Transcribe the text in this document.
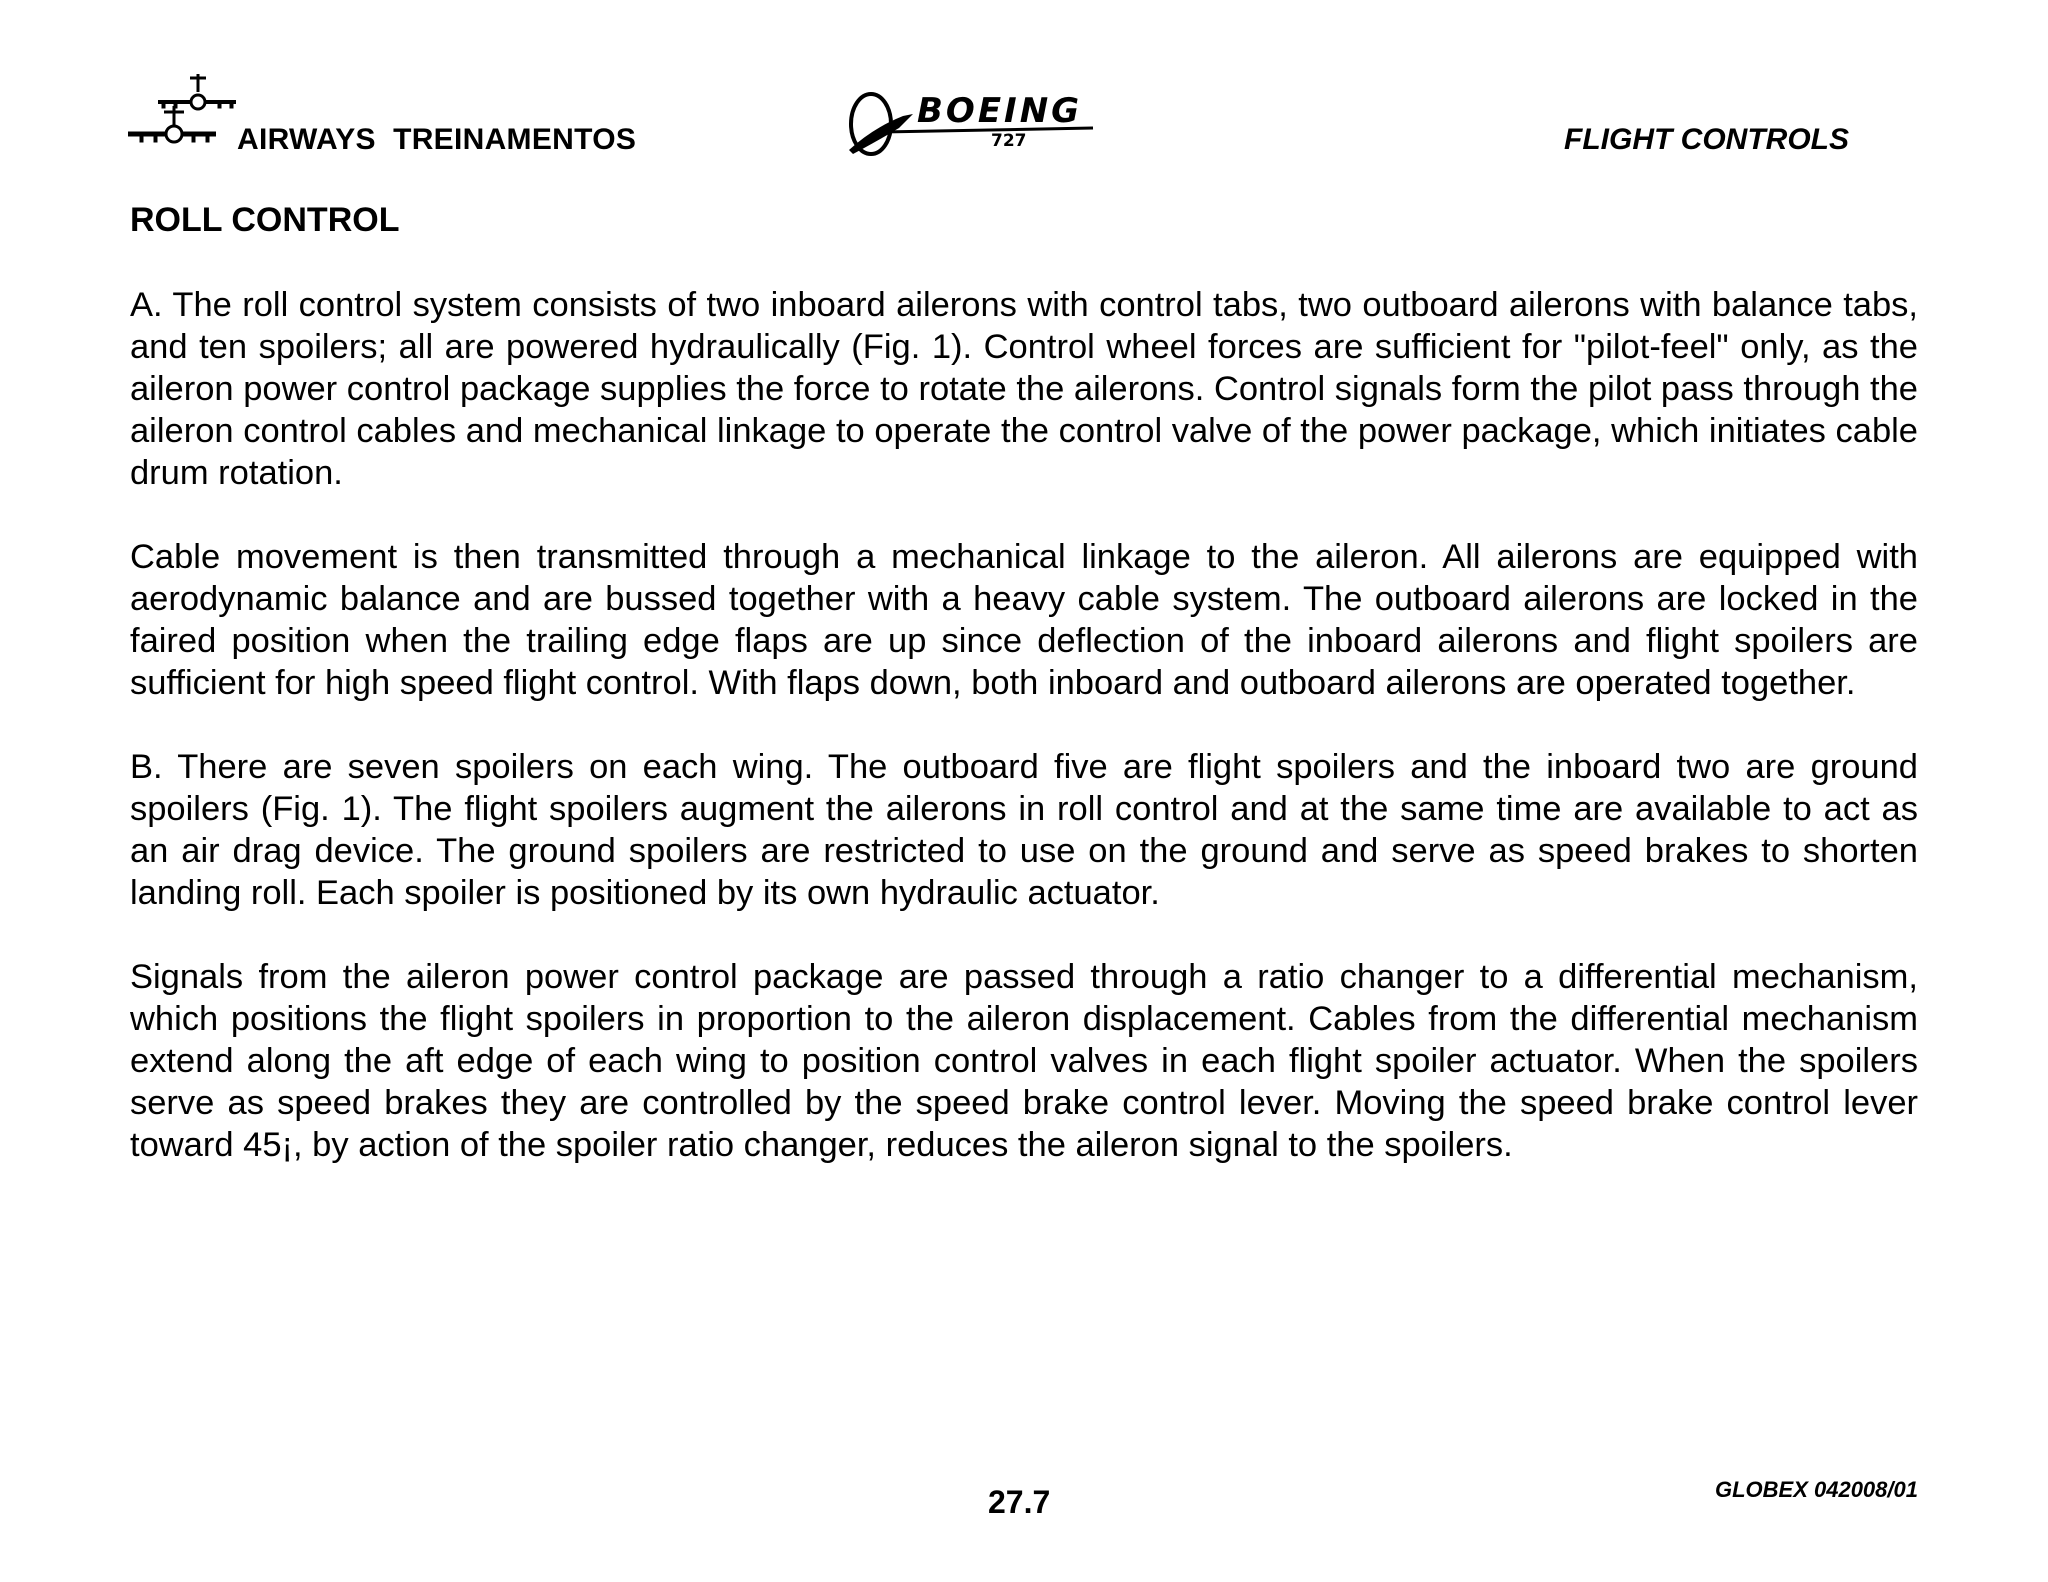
AIRWAYS  TREINAMENTOS
BOEING
727	FLIGHT CONTROLS
ROLL CONTROL

A. The roll control system consists of two inboard ailerons with control tabs, two outboard ailerons with balance tabs, and ten spoilers; all are powered hydraulically (Fig. 1). Control wheel forces are sufficient for "pilot-feel" only, as the aileron power control package supplies the force to rotate the ailerons. Control signals form the pilot pass through the aileron control cables and mechanical linkage to operate the control valve of the power package, which initiates cable drum rotation.

Cable movement is then transmitted through a mechanical linkage to the aileron. All ailerons are equipped with aerodynamic balance and are bussed together with a heavy cable system. The outboard ailerons are locked in the faired position when the trailing edge flaps are up since deflection of the inboard ailerons and flight spoilers are sufficient for high speed flight control. With flaps down, both inboard and outboard ailerons are operated together.

B. There are seven spoilers on each wing. The outboard five are flight spoilers and the inboard two are ground spoilers (Fig. 1). The flight spoilers augment the ailerons in roll control and at the same time are available to act as an air drag device. The ground spoilers are restricted to use on the ground and serve as speed brakes to shorten landing roll. Each spoiler is positioned by its own hydraulic actuator.

Signals from the aileron power control package are passed through a ratio changer to a differential mechanism, which positions the flight spoilers in proportion to the aileron displacement. Cables from the differential mechanism extend along the aft edge of each wing to position control valves in each flight spoiler actuator. When the spoilers serve as speed brakes they are controlled by the speed brake control lever. Moving the speed brake control lever toward 45¡, by action of the spoiler ratio changer, reduces the aileron signal to the spoilers.

27.7	GLOBEX 042008/01
